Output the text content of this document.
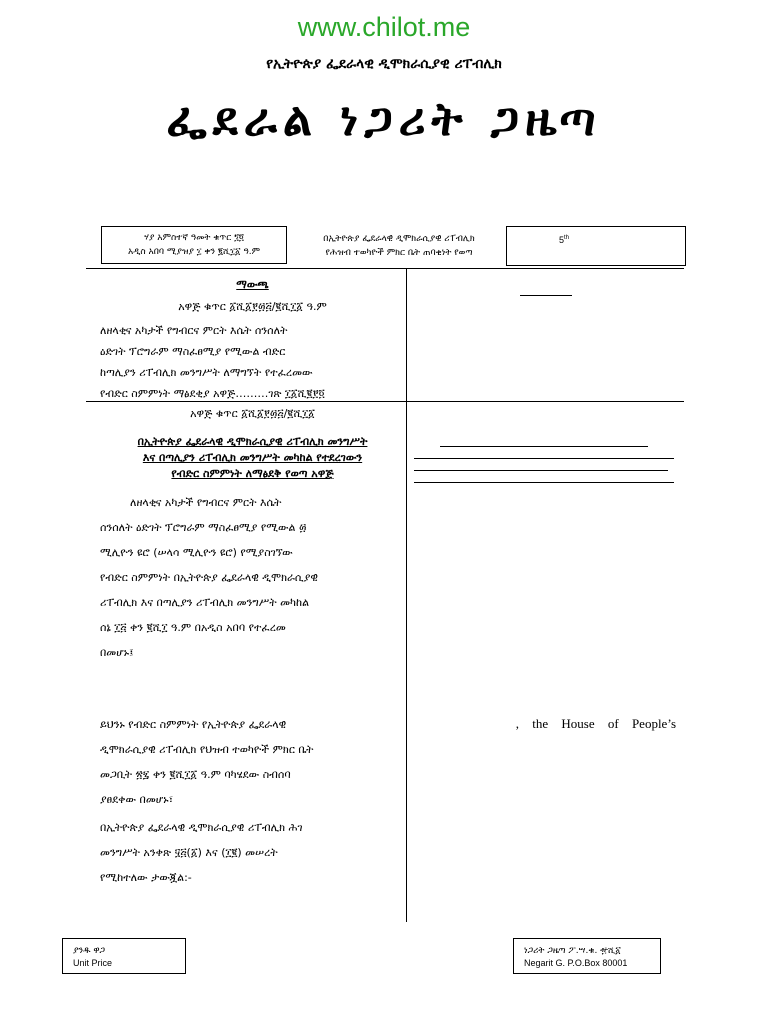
www.chilot.me
የኢትዮጵያ ፌደራላዊ ዲሞክራሲያዊ ሪፐብሊክ
ፌደራል ነጋሪት ጋዜጣ
ሃያ አምስተኛ ዓመት ቁጥር ፺፬
አዲስ አበባ ሚያዝያ ፲ ቀን ፪ሺ፲፩ ዓ.ም
በኢትዮጵያ ፌደራላዊ ዲሞክራሲያዊ ሪፐብሊክ
የሕዝብ ተወካዮች ምክር ቤት ጠባቂነት የወጣ
5th
ማውጫ
አዋጅ ቁጥር ፩ሺ፩፻፴፭/፪ሺ፲፩ ዓ.ም
ለዘላቂና አካታች የግብርና ምርት እሴት ሰንሰለት
ዕድገት ፕሮግራም ማስፈፀሚያ የሚውል ብድር
ከጣሊያን ሪፐብሊክ መንግሥት ለማግኘት የተፈረመው
የብድር ስምምነት ማፅደቂያ አዋጅ………ገጽ ፲፩ሺ፪፻፬
አዋጅ ቁጥር ፩ሺ፩፻፴፭/፪ሺ፲፩
በኢትዮጵያ ፌደራላዊ ዲሞክራሲያዊ ሪፐብሊክ መንግሥት
እና በጣሊያን ሪፐብሊክ መንግሥት መካከል የተደረገውን
የብድር ስምምነት ለማፅደቅ የወጣ አዋጅ
ለዘላቂና አካታች የግብርና ምርት እሴት
ሰንሰለት ዕድገት ፕሮግራም ማስፈፀሚያ የሚውል ፴
ሚሊዮን ዩሮ (ሠላሳ ሚሊዮን ዩሮ) የሚያስገኘው
የብድር ስምምነት በኢትዮጵያ ፌደራላዊ ዲሞክራሲያዊ
ሪፐብሊክ እና በጣሊያን ሪፐብሊክ መንግሥት መካከል
ሰኔ ፲፭ ቀን ፪ሺ፲ ዓ.ም በአዲስ አበባ የተፈረመ
በመሆኑ፤
ይህንኑ የብድር ስምምነት የኢትዮጵያ ፌደራላዊ
ዲሞክራሲያዊ ሪፐብሊክ የህዝብ ተወካዮች ምክር ቤት
መጋቢት ፳፯ ቀን ፪ሺ፲፩ ዓ.ም ባካሄደው ስብሰባ
ያፀደቀው በመሆኑ፣
በኢትዮጵያ ፌደራላዊ ዲሞክራሲያዊ ሪፐብሊክ ሕገ
መንግሥት አንቀጽ ፶፭(፩) እና (፲፪) መሠረት
የሚከተለው ታውጇል:-
, the House of People’s
ያንዱ ዋጋ
Unit Price
ነጋሪት ጋዜጣ ፖ.ሣ.ቁ. ፹ሺ፩
Negarit G. P.O.Box 80001
